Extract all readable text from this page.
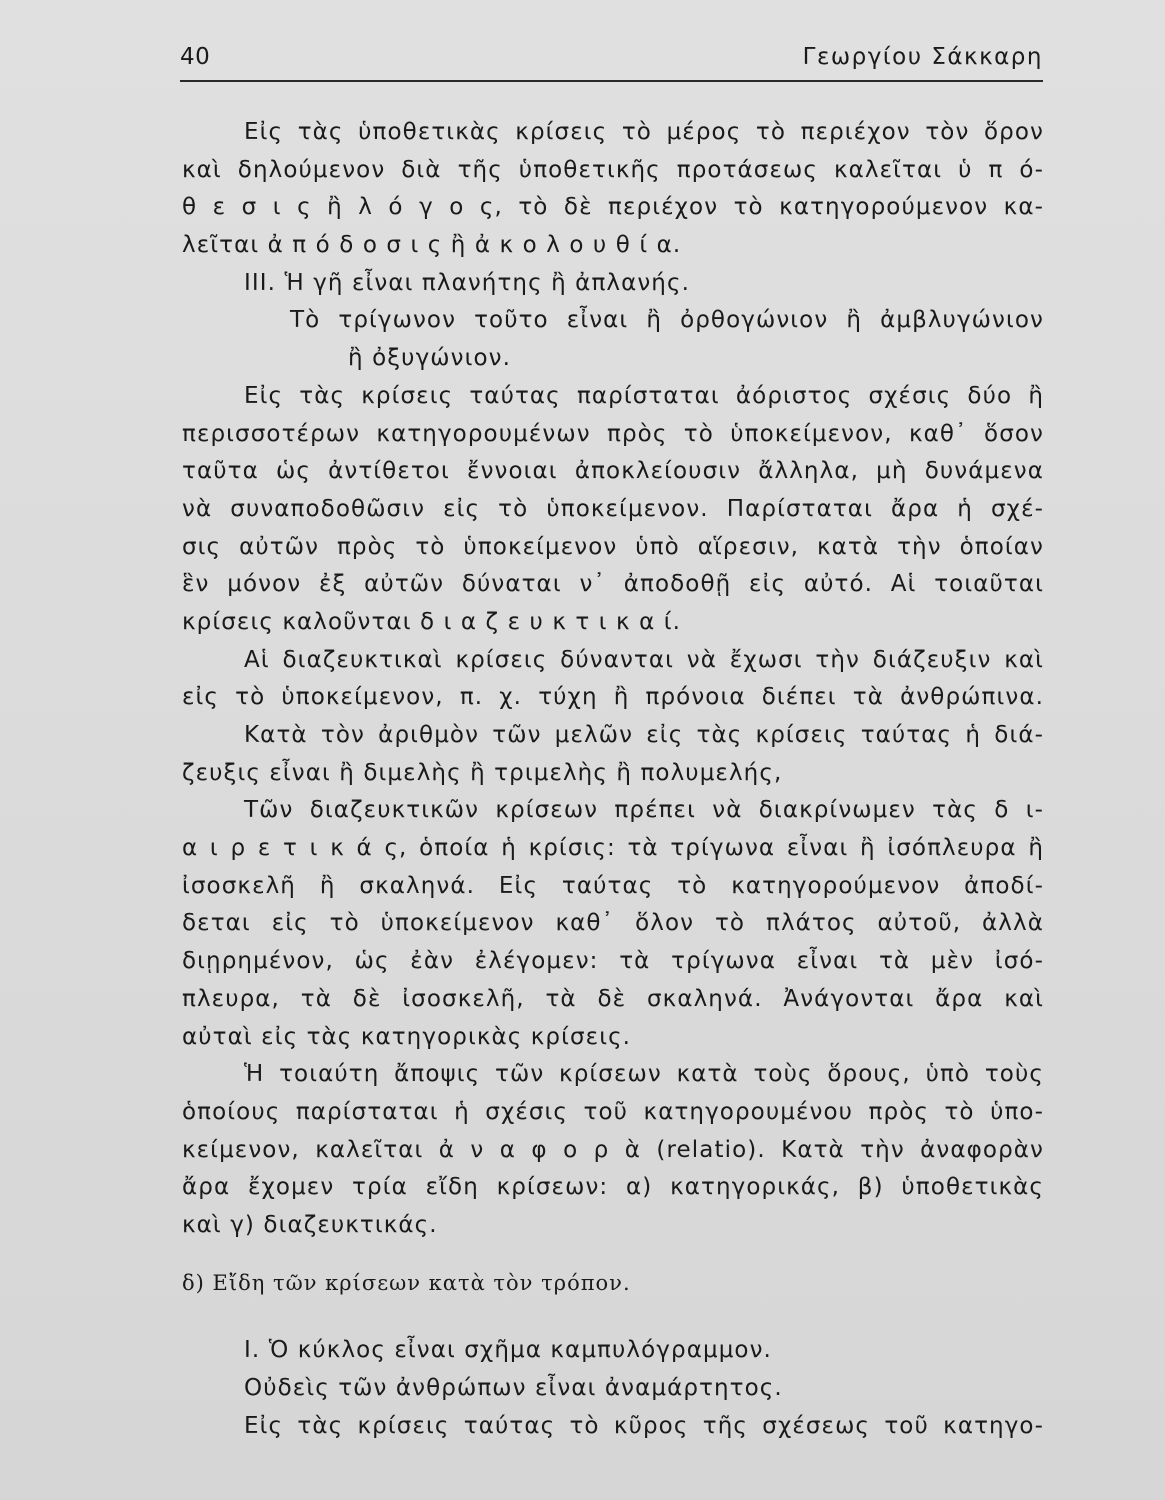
40	Γεωργίου Σάκκαρη
Εἰς τὰς ὑποθετικὰς κρίσεις τὸ μέρος τὸ περιέχον τὸν ὅρον
καὶ δηλούμενον διὰ τῆς ὑποθετικῆς προτάσεως καλεῖται ὑ π ό-
θ ε σ ι ς ἢ λ ό γ ο ς, τὸ δὲ περιέχον τὸ κατηγορούμενον κα-
λεῖται ἀ π ό δ ο σ ι ς ἢ ἀ κ ο λ ο υ θ ί α.
ΙΙΙ. Ἡ γῆ εἶναι πλανήτης ἢ ἀπλανής.
Τὸ τρίγωνον τοῦτο εἶναι ἢ ὀρθογώνιον ἢ ἀμβλυγώνιον
ἢ ὀξυγώνιον.
Εἰς τὰς κρίσεις ταύτας παρίσταται ἀόριστος σχέσις δύο ἢ
περισσοτέρων κατηγορουμένων πρὸς τὸ ὑποκείμενον, καθ᾿ ὅσον
ταῦτα ὡς ἀντίθετοι ἔννοιαι ἀποκλείουσιν ἄλληλα, μὴ δυνάμενα
νὰ συναποδοθῶσιν εἰς τὸ ὑποκείμενον. Παρίσταται ἄρα ἡ σχέ-
σις αὐτῶν πρὸς τὸ ὑποκείμενον ὑπὸ αἵρεσιν, κατὰ τὴν ὁποίαν
ἓν μόνον ἐξ αὐτῶν δύναται ν᾿ ἀποδοθῇ εἰς αὐτό. Αἱ τοιαῦται
κρίσεις καλοῦνται δ ι α ζ ε υ κ τ ι κ α ί.
Αἱ διαζευκτικαὶ κρίσεις δύνανται νὰ ἔχωσι τὴν διάζευξιν καὶ
εἰς τὸ ὑποκείμενον, π. χ. τύχη ἢ πρόνοια διέπει τὰ ἀνθρώπινα.
Κατὰ τὸν ἀριθμὸν τῶν μελῶν εἰς τὰς κρίσεις ταύτας ἡ διά-
ζευξις εἶναι ἢ διμελὴς ἢ τριμελὴς ἢ πολυμελής,
Τῶν διαζευκτικῶν κρίσεων πρέπει νὰ διακρίνωμεν τὰς δ ι-
α ι ρ ε τ ι κ ά ς, ὁποία ἡ κρίσις: τὰ τρίγωνα εἶναι ἢ ἰσόπλευρα ἢ
ἰσοσκελῆ ἢ σκαληνά. Εἰς ταύτας τὸ κατηγορούμενον ἀποδί-
δεται εἰς τὸ ὑποκείμενον καθ᾿ ὅλον τὸ πλάτος αὐτοῦ, ἀλλὰ
διῃρημένον, ὡς ἐὰν ἐλέγομεν: τὰ τρίγωνα εἶναι τὰ μὲν ἰσό-
πλευρα, τὰ δὲ ἰσοσκελῆ, τὰ δὲ σκαληνά. Ἀνάγονται ἄρα καὶ
αὐταὶ εἰς τὰς κατηγορικὰς κρίσεις.
Ἡ τοιαύτη ἄποψις τῶν κρίσεων κατὰ τοὺς ὅρους, ὑπὸ τοὺς
ὁποίους παρίσταται ἡ σχέσις τοῦ κατηγορουμένου πρὸς τὸ ὑπο-
κείμενον, καλεῖται ἀ ν α φ ο ρ ὰ (relatio). Κατὰ τὴν ἀναφορὰν
ἄρα ἔχομεν τρία εἴδη κρίσεων: α) κατηγορικάς, β) ὑποθετικὰς
καὶ γ) διαζευκτικάς.
δ) Εἴδη τῶν κρίσεων κατὰ τὸν τρόπον.
Ι. Ὁ κύκλος εἶναι σχῆμα καμπυλόγραμμον.
Οὐδεὶς τῶν ἀνθρώπων εἶναι ἀναμάρτητος.
Εἰς τὰς κρίσεις ταύτας τὸ κῦρος τῆς σχέσεως τοῦ κατηγο-
